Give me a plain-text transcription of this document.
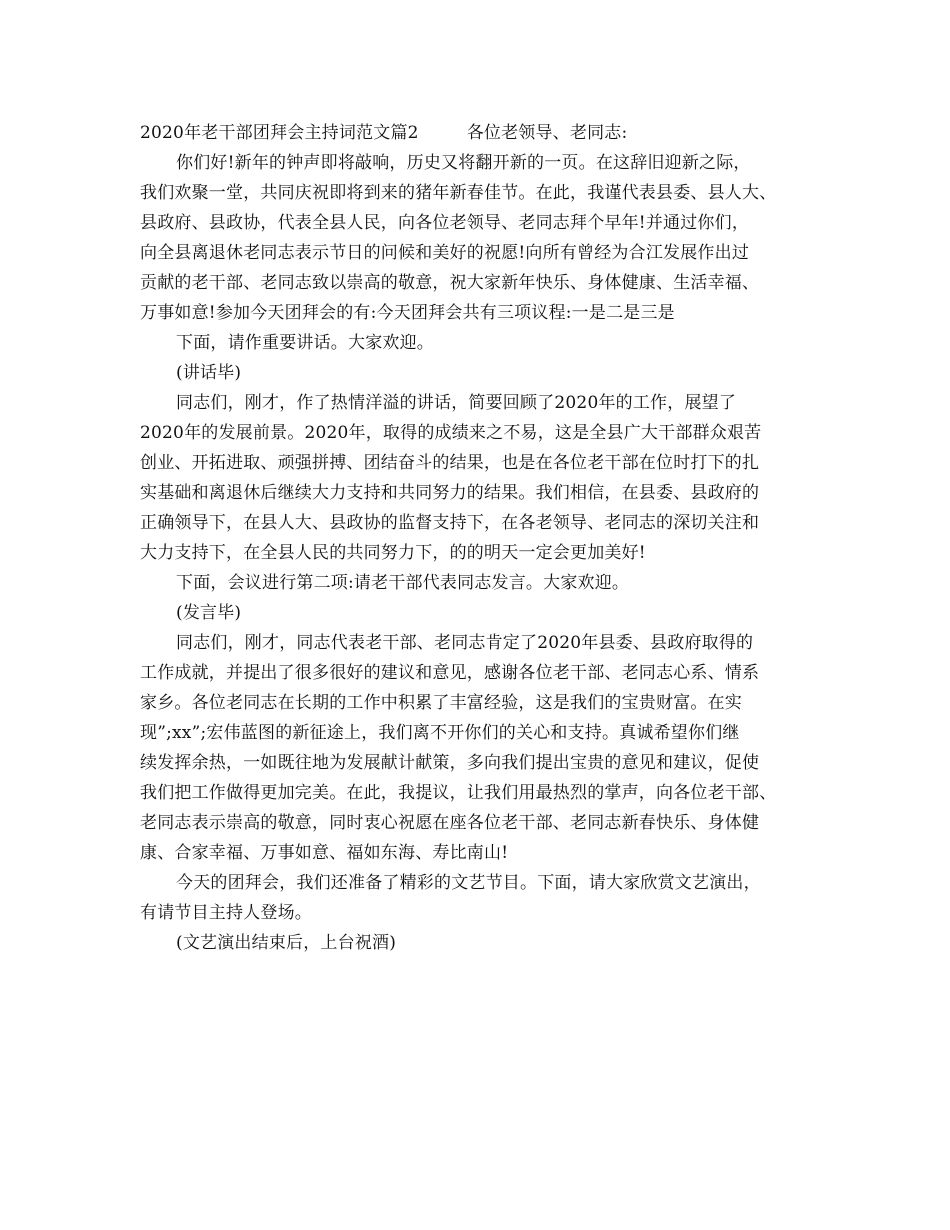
2020年老干部团拜会主持词范文篇2	各位老领导、老同志:
你们好!新年的钟声即将敲响，历史又将翻开新的一页。在这辞旧迎新之际，
我们欢聚一堂，共同庆祝即将到来的猪年新春佳节。在此，我谨代表县委、县人大、
县政府、县政协，代表全县人民，向各位老领导、老同志拜个早年!并通过你们，
向全县离退休老同志表示节日的问候和美好的祝愿!向所有曾经为合江发展作出过
贡献的老干部、老同志致以崇高的敬意，祝大家新年快乐、身体健康、生活幸福、
万事如意!参加今天团拜会的有:今天团拜会共有三项议程:一是二是三是
下面，请作重要讲话。大家欢迎。
(讲话毕)
同志们，刚才，作了热情洋溢的讲话，简要回顾了2020年的工作，展望了
2020年的发展前景。2020年，取得的成绩来之不易，这是全县广大干部群众艰苦
创业、开拓进取、顽强拼搏、团结奋斗的结果，也是在各位老干部在位时打下的扎
实基础和离退休后继续大力支持和共同努力的结果。我们相信，在县委、县政府的
正确领导下，在县人大、县政协的监督支持下，在各老领导、老同志的深切关注和
大力支持下，在全县人民的共同努力下，的的明天一定会更加美好!
下面，会议进行第二项:请老干部代表同志发言。大家欢迎。
(发言毕)
同志们，刚才，同志代表老干部、老同志肯定了2020年县委、县政府取得的
工作成就，并提出了很多很好的建议和意见，感谢各位老干部、老同志心系、情系
家乡。各位老同志在长期的工作中积累了丰富经验，这是我们的宝贵财富。在实
现”;xx”;宏伟蓝图的新征途上，我们离不开你们的关心和支持。真诚希望你们继
续发挥余热，一如既往地为发展献计献策，多向我们提出宝贵的意见和建议，促使
我们把工作做得更加完美。在此，我提议，让我们用最热烈的掌声，向各位老干部、
老同志表示崇高的敬意，同时衷心祝愿在座各位老干部、老同志新春快乐、身体健
康、合家幸福、万事如意、福如东海、寿比南山!
今天的团拜会，我们还准备了精彩的文艺节目。下面，请大家欣赏文艺演出，
有请节目主持人登场。
(文艺演出结束后，上台祝酒)
